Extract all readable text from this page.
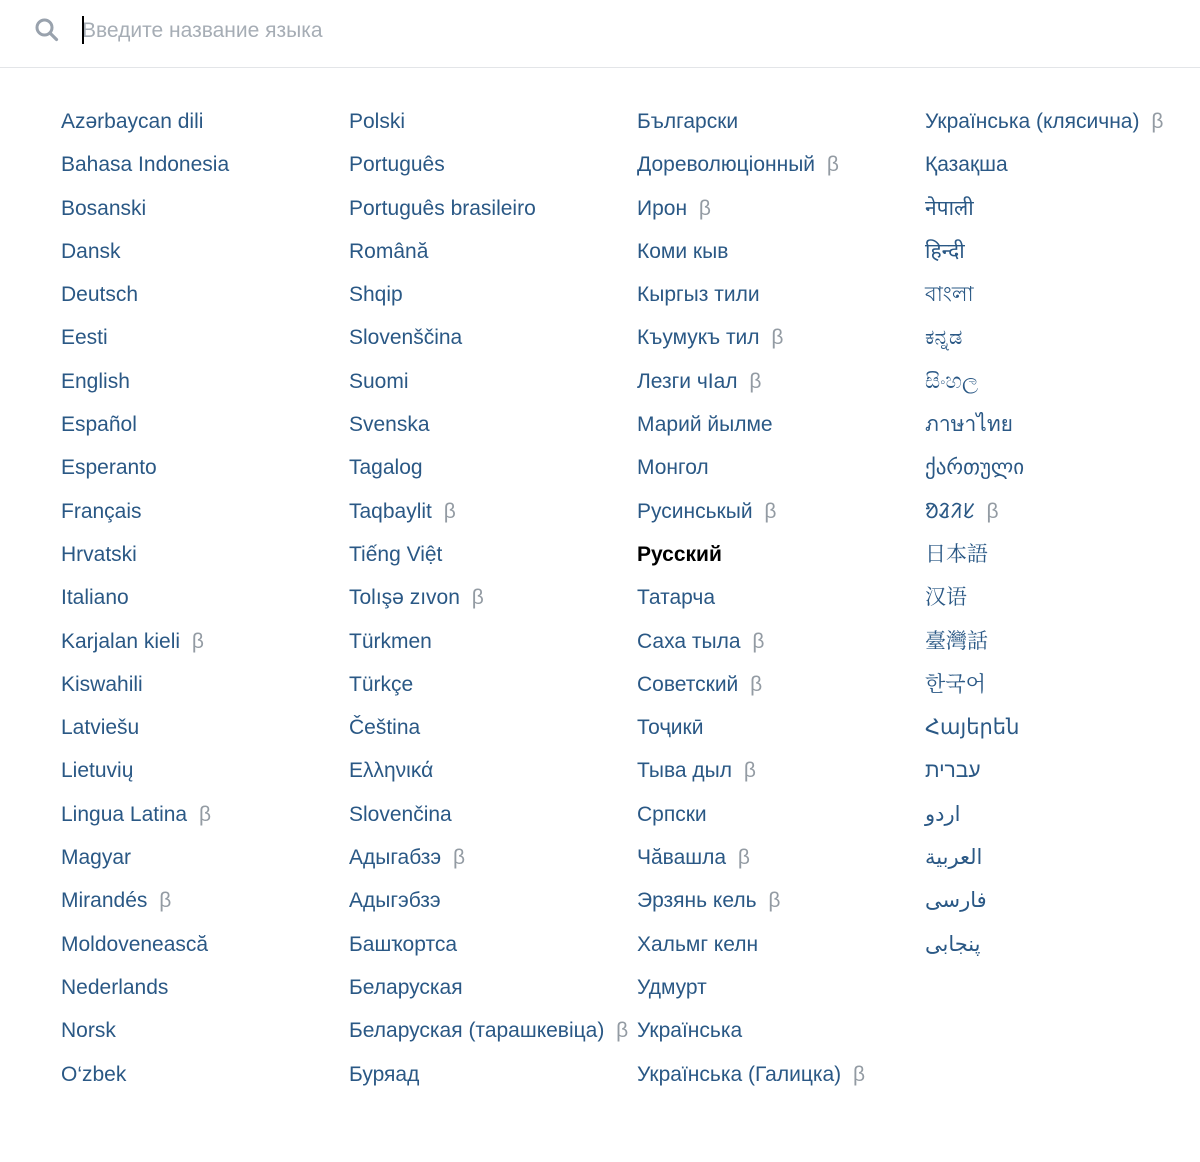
Введите название языка
Azərbaycan dili
Bahasa Indonesia
Bosanski
Dansk
Deutsch
Eesti
English
Español
Esperanto
Français
Hrvatski
Italiano
Karjalan kieli β
Kiswahili
Latviešu
Lietuvių
Lingua Latina β
Magyar
Mirandés β
Moldovenească
Nederlands
Norsk
O‘zbek
Polski
Português
Português brasileiro
Română
Shqip
Slovenščina
Suomi
Svenska
Tagalog
Taqbaylit β
Tiếng Việt
Tolışə zıvon β
Türkmen
Türkçe
Čeština
Ελληνικά
Slovenčina
Адыгабзэ β
Адыгэбзэ
Башҡортса
Беларуская
Беларуская (тарашкевіца) β
Буряад
Български
Дореволюціонный β
Ирон β
Коми кыв
Кыргыз тили
Къумукъ тил β
Лезги чIал β
Марий йылме
Монгол
Русинськый β
Русский
Татарча
Саха тыла β
Советский β
Тоҷикӣ
Тыва дыл β
Српски
Чӑвашла β
Эрзянь кель β
Хальмг келн
Удмурт
Українська
Українська (Галицка) β
Українська (клясична) β
Қазақша
नेपाली
हिन्दी
বাংলা
ಕನ್ನಡ
සිංහල
ภาษาไทย
ქართული
ᱚᱲᱤᱥ β
日本語
汉语
臺灣話
한국어
Հայերեն
עברית
اردو
العربية
فارسی
پنجابی
